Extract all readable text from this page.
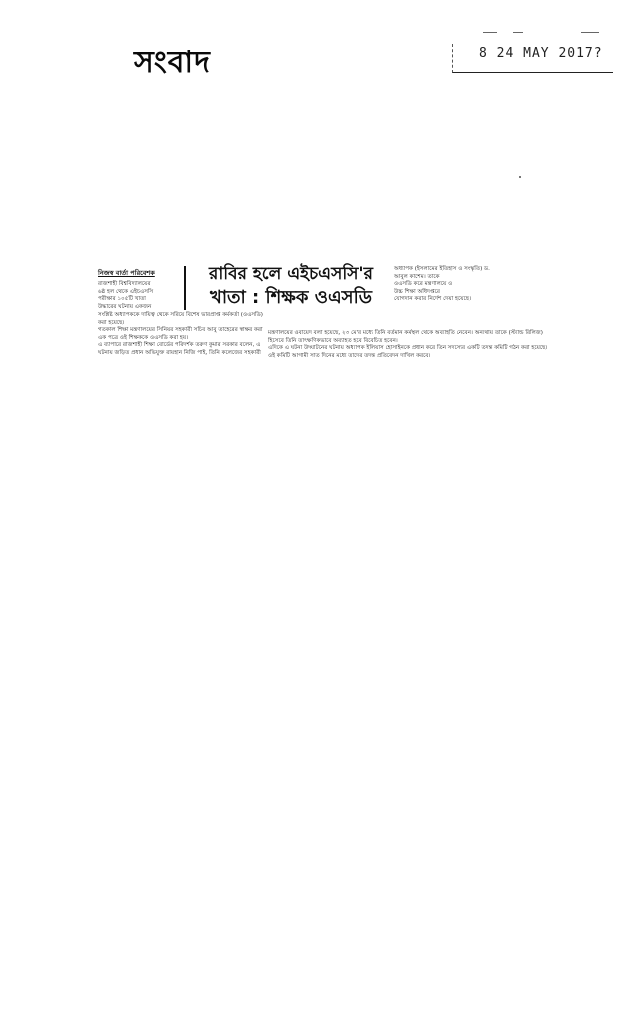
সংবাদ	8 24 MAY 2017?
নিজস্ব বার্তা পরিবেশক	রাবির হলে এইচএসসি'র
খাতা : শিক্ষক ওএসডি

রাজশাহী বিশ্ববিদ্যালয়ের

৬ষ্ঠ হল থেকে এইচএসসি

পরীক্ষার ১০৫টি খাতা

উদ্ধারের ঘটনায় একজন

সংশ্লিষ্ট অধ্যাপককে দায়িত্ব থেকে সরিয়ে বিশেষ ভারপ্রাপ্ত কর্মকর্তা (ওএসডি) করা হয়েছে।

গতকাল শিক্ষা মন্ত্রণালয়ের সিনিয়র সহকারী সচিব আবু তাহেরের স্বাক্ষর করা এক পত্রে ওই শিক্ষককে ওএসডি করা হয়।

এ ব্যাপারে রাজশাহী শিক্ষা বোর্ডের পরিদর্শক তরুণ কুমার সরকার বলেন, এ ঘটনায় জড়িত প্রধান অভিযুক্ত রায়হান নিজি পাই, তিনি কলেজের সহকারী

অধ্যাপক (ইসলামের ইতিহাস ও সংস্কৃতি) ড.

আবুল কাশেম। তাকে

ওএসডি করে মন্ত্রণালয়ে ও

উচ্চ শিক্ষা অধিদপ্তরে

যোগদান করার নির্দেশ দেয়া হয়েছে।

মন্ত্রণালয়ের ওবায়েদ বলা হয়েছে, ২৩ মে'র মধ্যে তিনি বর্তমান কর্মস্থল থেকে অব্যাহতি নেবেন। অন্যথায় তাকে (স্ট্যান্ড রিলিজ) হিসেবে তিনি তাৎক্ষণিকভাবে অব্যাহত হবে বিবেচিত হবেন।

এদিকে এ ঘটনা উদ্ঘাটনের ঘটনায় অধ্যাপক ইলিয়াস হোসাইনকে প্রধান করে তিন সদস্যের একটি তদন্ত কমিটি গঠন করা হয়েছে। ওই কমিটি আগামী সাত দিনের মধ্যে তাদের তদন্ত প্রতিবেদন দাখিল করবে।
